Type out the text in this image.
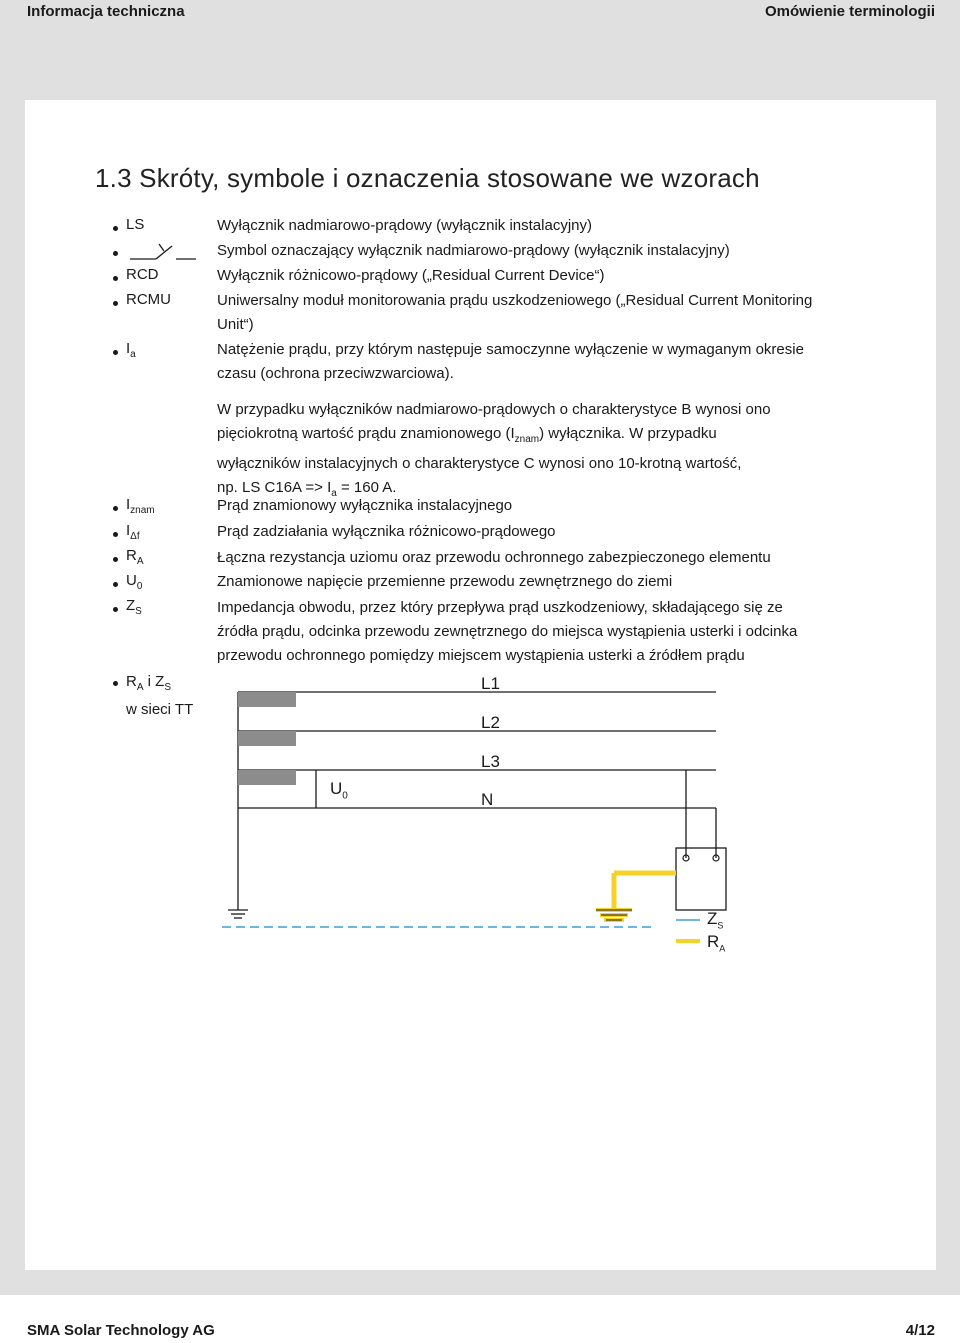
Informacja techniczna	Omówienie terminologii
1.3 Skróty, symbole i oznaczenia stosowane we wzorach
LS	Wyłącznik nadmiarowo-prądowy (wyłącznik instalacyjny)
Symbol oznaczający wyłącznik nadmiarowo-prądowy (wyłącznik instalacyjny)
RCD	Wyłącznik różnicowo-prądowy („Residual Current Device“)
RCMU	Uniwersalny moduł monitorowania prądu uszkodzeniowego („Residual Current Monitoring
Unit“)
$I_a$	Natężenie prądu, przy którym następuje samoczynne wyłączenie w wymaganym okresie
czasu (ochrona przeciwzwarciowa).
W przypadku wyłączników nadmiarowo-prądowych o charakterystyce B wynosi ono
pięciokrotną wartość prądu znamionowego $(I_{znam})$ wyłącznika. W przypadku
wyłączników instalacyjnych o charakterystyce C wynosi ono 10-krotną wartość,
np. LS $C16A => I_a = 160$ A.
$I_{znam}$	Prąd znamionowy wyłącznika instalacyjnego
$I_{\Delta f}$	Prąd zadziałania wyłącznika różnicowo-prądowego
$R_A$	Łączna rezystancja uziomu oraz przewodu ochronnego zabezpieczonego elementu
$U_0$	Znamionowe napięcie przemienne przewodu zewnętrznego do ziemi
$Z_S$	Impedancja obwodu, przez który przepływa prąd uszkodzeniowy, składającego się ze
źródła prądu, odcinka przewodu zewnętrznego do miejsca wystąpienia usterki i odcinka
przewodu ochronnego pomiędzy miejscem wystąpienia usterki a źródłem prądu
$R_A$ i $Z_S$
w sieci TT
L1
L2
L3
N
$U_0$
$Z_S$
$R_A$
SMA Solar Technology AG	4/12
